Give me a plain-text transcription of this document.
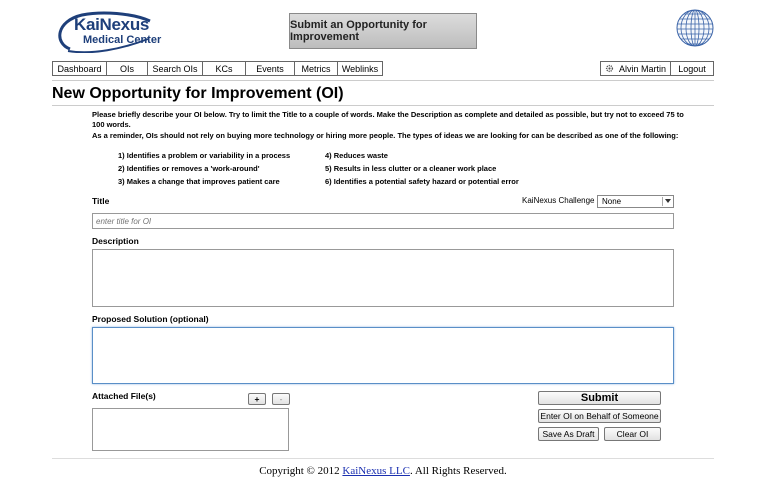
KaiNexus
Medical Center
Submit an Opportunity for Improvement
Dashboard	OIs	Search OIs	KCs	Events	Metrics	Weblinks	Alvin Martin	Logout
New Opportunity for Improvement (OI)
Please briefly describe your OI below. Try to limit the Title to a couple of words. Make the Description as complete and detailed as possible, but try not to exceed 75 to 100 words.
As a reminder, OIs should not rely on buying more technology or hiring more people. The types of ideas we are looking for can be described as one of the following:
1) Identifies a problem or variability in a process
2) Identifies or removes a 'work-around'
3) Makes a change that improves patient care
4) Reduces waste
5) Results in less clutter or a cleaner work place
6) Identifies a potential safety hazard or potential error
Title	KaiNexus Challenge None
enter title for OI
Description
Proposed Solution (optional)
Attached File(s)	+	-	Submit
Enter OI on Behalf of Someone
Save As Draft	Clear OI
Copyright © 2012 KaiNexus LLC. All Rights Reserved.
